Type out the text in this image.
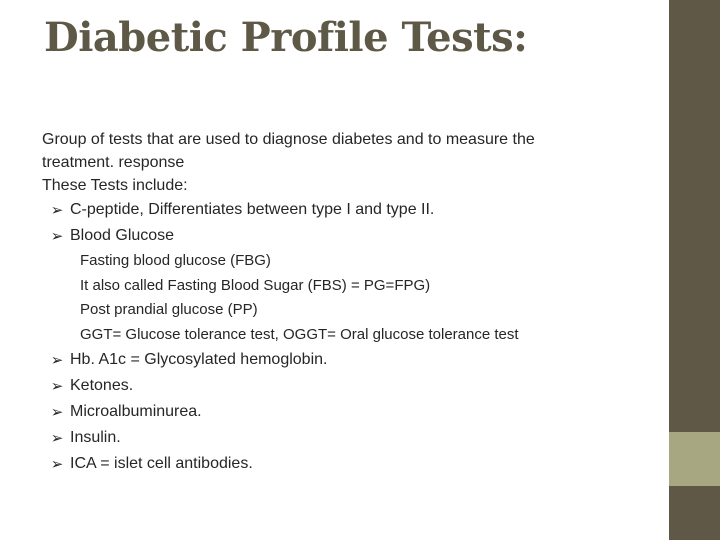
Diabetic Profile Tests:
Group of tests that are used to diagnose diabetes and to measure the
treatment. response
These Tests include:
➢ C-peptide, Differentiates between type I and type II.
➢ Blood Glucose
Fasting blood glucose (FBG)
It also called Fasting Blood Sugar (FBS) = PG=FPG)
Post prandial glucose (PP)
GGT= Glucose tolerance test, OGGT= Oral glucose tolerance test
➢ Hb. A1c = Glycosylated hemoglobin.
➢ Ketones.
➢ Microalbuminurea.
➢ Insulin.
➢ ICA = islet cell antibodies.
